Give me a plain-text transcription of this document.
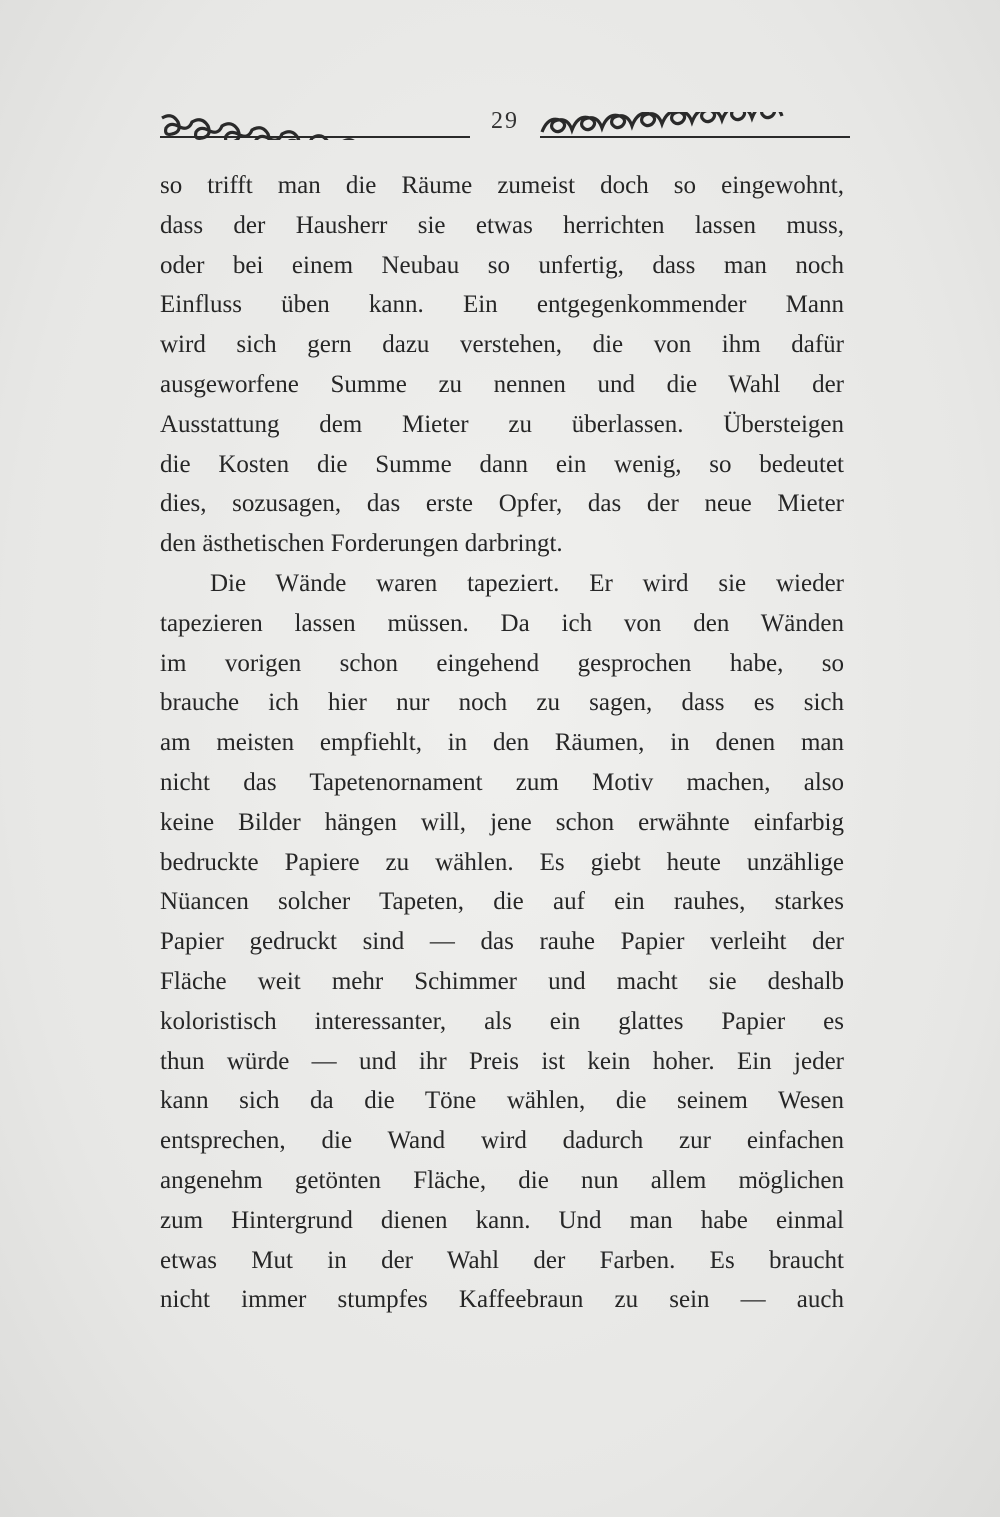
29
so trifft man die Räume zumeist doch so eingewohnt,
dass der Hausherr sie etwas herrichten lassen muss,
oder bei einem Neubau so unfertig, dass man noch
Einfluss üben kann. Ein entgegenkommender Mann
wird sich gern dazu verstehen, die von ihm dafür
ausgeworfene Summe zu nennen und die Wahl der
Ausstattung dem Mieter zu überlassen. Übersteigen
die Kosten die Summe dann ein wenig, so bedeutet
dies, sozusagen, das erste Opfer, das der neue Mieter
den ästhetischen Forderungen darbringt.
Die Wände waren tapeziert. Er wird sie wieder
tapezieren lassen müssen. Da ich von den Wänden
im vorigen schon eingehend gesprochen habe, so
brauche ich hier nur noch zu sagen, dass es sich
am meisten empfiehlt, in den Räumen, in denen man
nicht das Tapetenornament zum Motiv machen, also
keine Bilder hängen will, jene schon erwähnte einfarbig
bedruckte Papiere zu wählen. Es giebt heute unzählige
Nüancen solcher Tapeten, die auf ein rauhes, starkes
Papier gedruckt sind — das rauhe Papier verleiht der
Fläche weit mehr Schimmer und macht sie deshalb
koloristisch interessanter, als ein glattes Papier es
thun würde — und ihr Preis ist kein hoher. Ein jeder
kann sich da die Töne wählen, die seinem Wesen
entsprechen, die Wand wird dadurch zur einfachen
angenehm getönten Fläche, die nun allem möglichen
zum Hintergrund dienen kann. Und man habe einmal
etwas Mut in der Wahl der Farben. Es braucht
nicht immer stumpfes Kaffeebraun zu sein — auch
